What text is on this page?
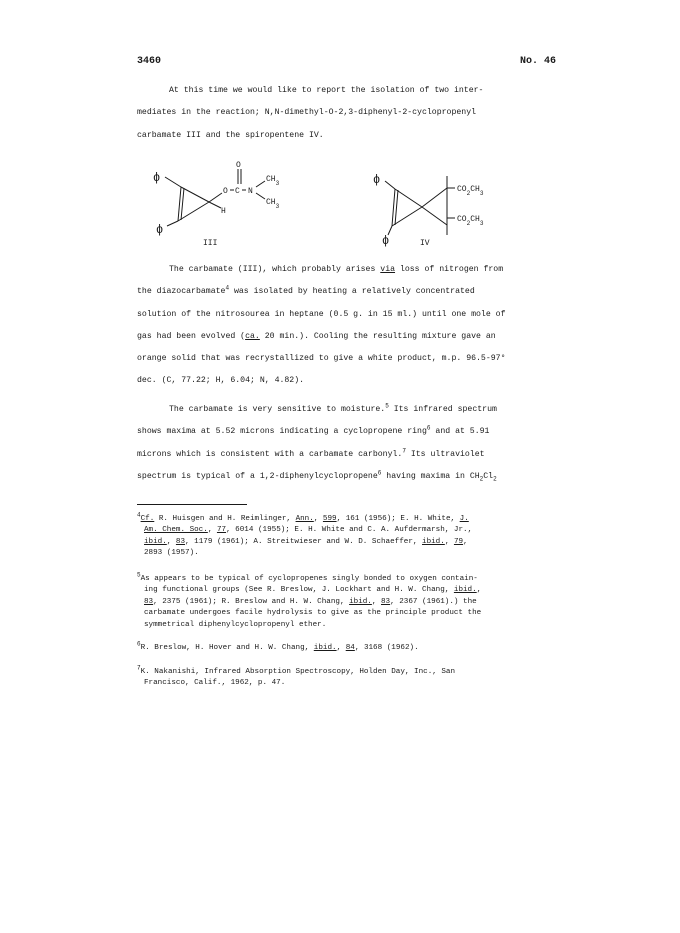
3460	No. 46
At this time we would like to report the isolation of two inter-
mediates in the reaction; N,N-dimethyl-O-2,3-diphenyl-2-cyclopropenyl
carbamate III and the spiropentene IV.
ϕ
ϕ
O C
O
N
$CH_3$
$CH_3$
H
III
ϕ
ϕ
$CO_2CH_3$
$CO_2CH_3$
IV
The carbamate (III), which probably arises via loss of nitrogen from
the diazocarbamate$^4$ was isolated by heating a relatively concentrated
solution of the nitrosourea in heptane (0.5 g. in 15 ml.) until one mole of
gas had been evolved (ca. 20 min.). Cooling the resulting mixture gave an
orange solid that was recrystallized to give a white product, m.p. 96.5-97°
dec. (C, 77.22; H, 6.04; N, 4.82).
The carbamate is very sensitive to moisture.$^5$ Its infrared spectrum
shows maxima at 5.52 microns indicating a cyclopropene ring$^6$ and at 5.91
microns which is consistent with a carbamate carbonyl.$^7$ Its ultraviolet
spectrum is typical of a 1,2-diphenylcyclopropene$^6$ having maxima in $CH_2Cl_2$
$^4$Cf. R. Huisgen and H. Reimlinger, Ann., 599, 161 (1956); E. H. White, J.
Am. Chem. Soc., 77, 6014 (1955); E. H. White and C. A. Aufdermarsh, Jr.,
ibid., 83, 1179 (1961); A. Streitwieser and W. D. Schaeffer, ibid., 79,
2893 (1957).
$^5$As appears to be typical of cyclopropenes singly bonded to oxygen contain-
ing functional groups (See R. Breslow, J. Lockhart and H. W. Chang, ibid.,
83, 2375 (1961); R. Breslow and H. W. Chang, ibid., 83, 2367 (1961).) the
carbamate undergoes facile hydrolysis to give as the principle product the
symmetrical diphenylcyclopropenyl ether.
$^6$R. Breslow, H. Hover and H. W. Chang, ibid., 84, 3168 (1962).
$^7$K. Nakanishi, Infrared Absorption Spectroscopy, Holden Day, Inc., San
Francisco, Calif., 1962, p. 47.
